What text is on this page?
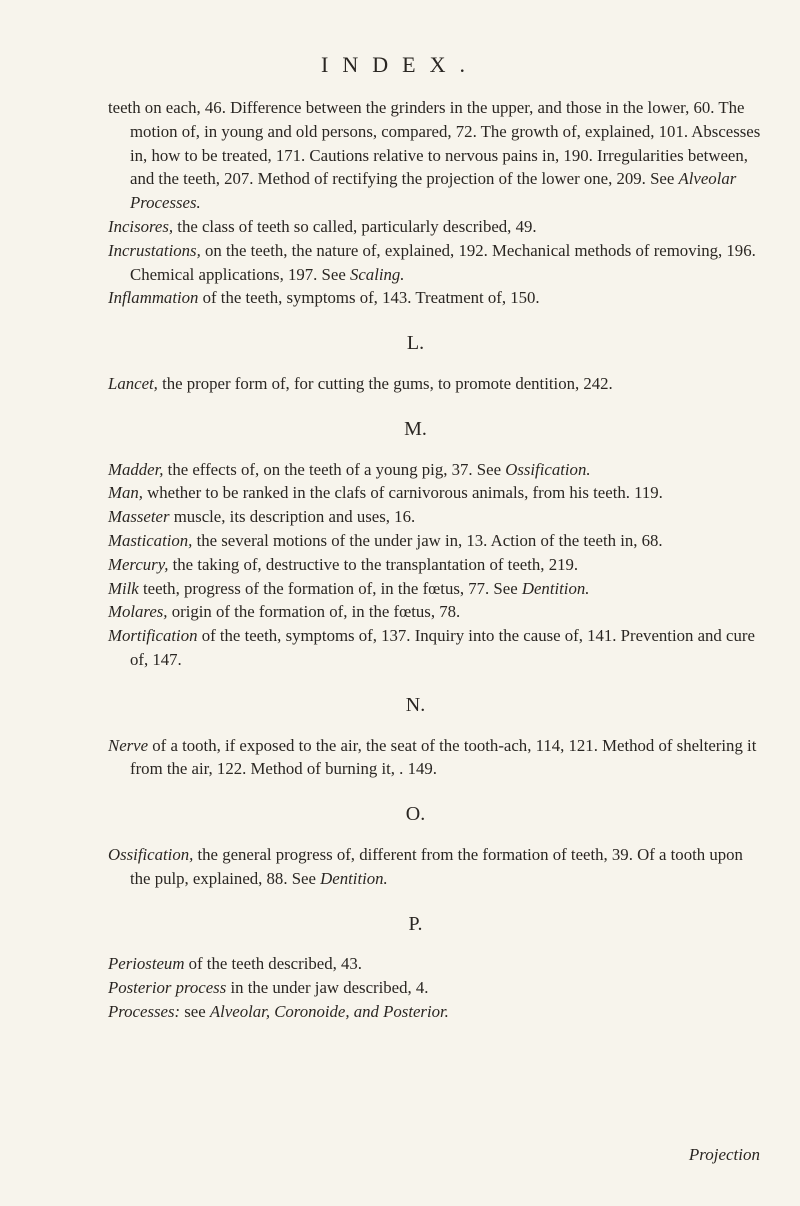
INDEX.

teeth on each, 46. Difference between the grinders in the upper, and those in the lower, 60. The motion of, in young and old persons, compared, 72. The growth of, explained, 101. Abscesses in, how to be treated, 171. Cautions relative to nervous pains in, 190. Irregularities between, and the teeth, 207. Method of rectifying the projection of the lower one, 209. See Alveolar Processes.

Incisores, the class of teeth so called, particularly described, 49.

Incrustations, on the teeth, the nature of, explained, 192. Mechanical methods of removing, 196. Chemical applications, 197. See Scaling.

Inflammation of the teeth, symptoms of, 143. Treatment of, 150.

L.

Lancet, the proper form of, for cutting the gums, to promote dentition, 242.

M.

Madder, the effects of, on the teeth of a young pig, 37. See Ossification.

Man, whether to be ranked in the clafs of carnivorous animals, from his teeth. 119.

Masseter muscle, its description and uses, 16.

Mastication, the several motions of the under jaw in, 13. Action of the teeth in, 68.

Mercury, the taking of, destructive to the transplantation of teeth, 219.

Milk teeth, progress of the formation of, in the fœtus, 77. See Dentition.

Molares, origin of the formation of, in the fœtus, 78.

Mortification of the teeth, symptoms of, 137. Inquiry into the cause of, 141. Prevention and cure of, 147.

N.

Nerve of a tooth, if exposed to the air, the seat of the tooth-ach, 114, 121. Method of sheltering it from the air, 122. Method of burning it, . 149.

O.

Ossification, the general progress of, different from the formation of teeth, 39. Of a tooth upon the pulp, explained, 88. See Dentition.

P.

Periosteum of the teeth described, 43.

Posterior process in the under jaw described, 4.

Processes: see Alveolar, Coronoide, and Posterior.

Projection
